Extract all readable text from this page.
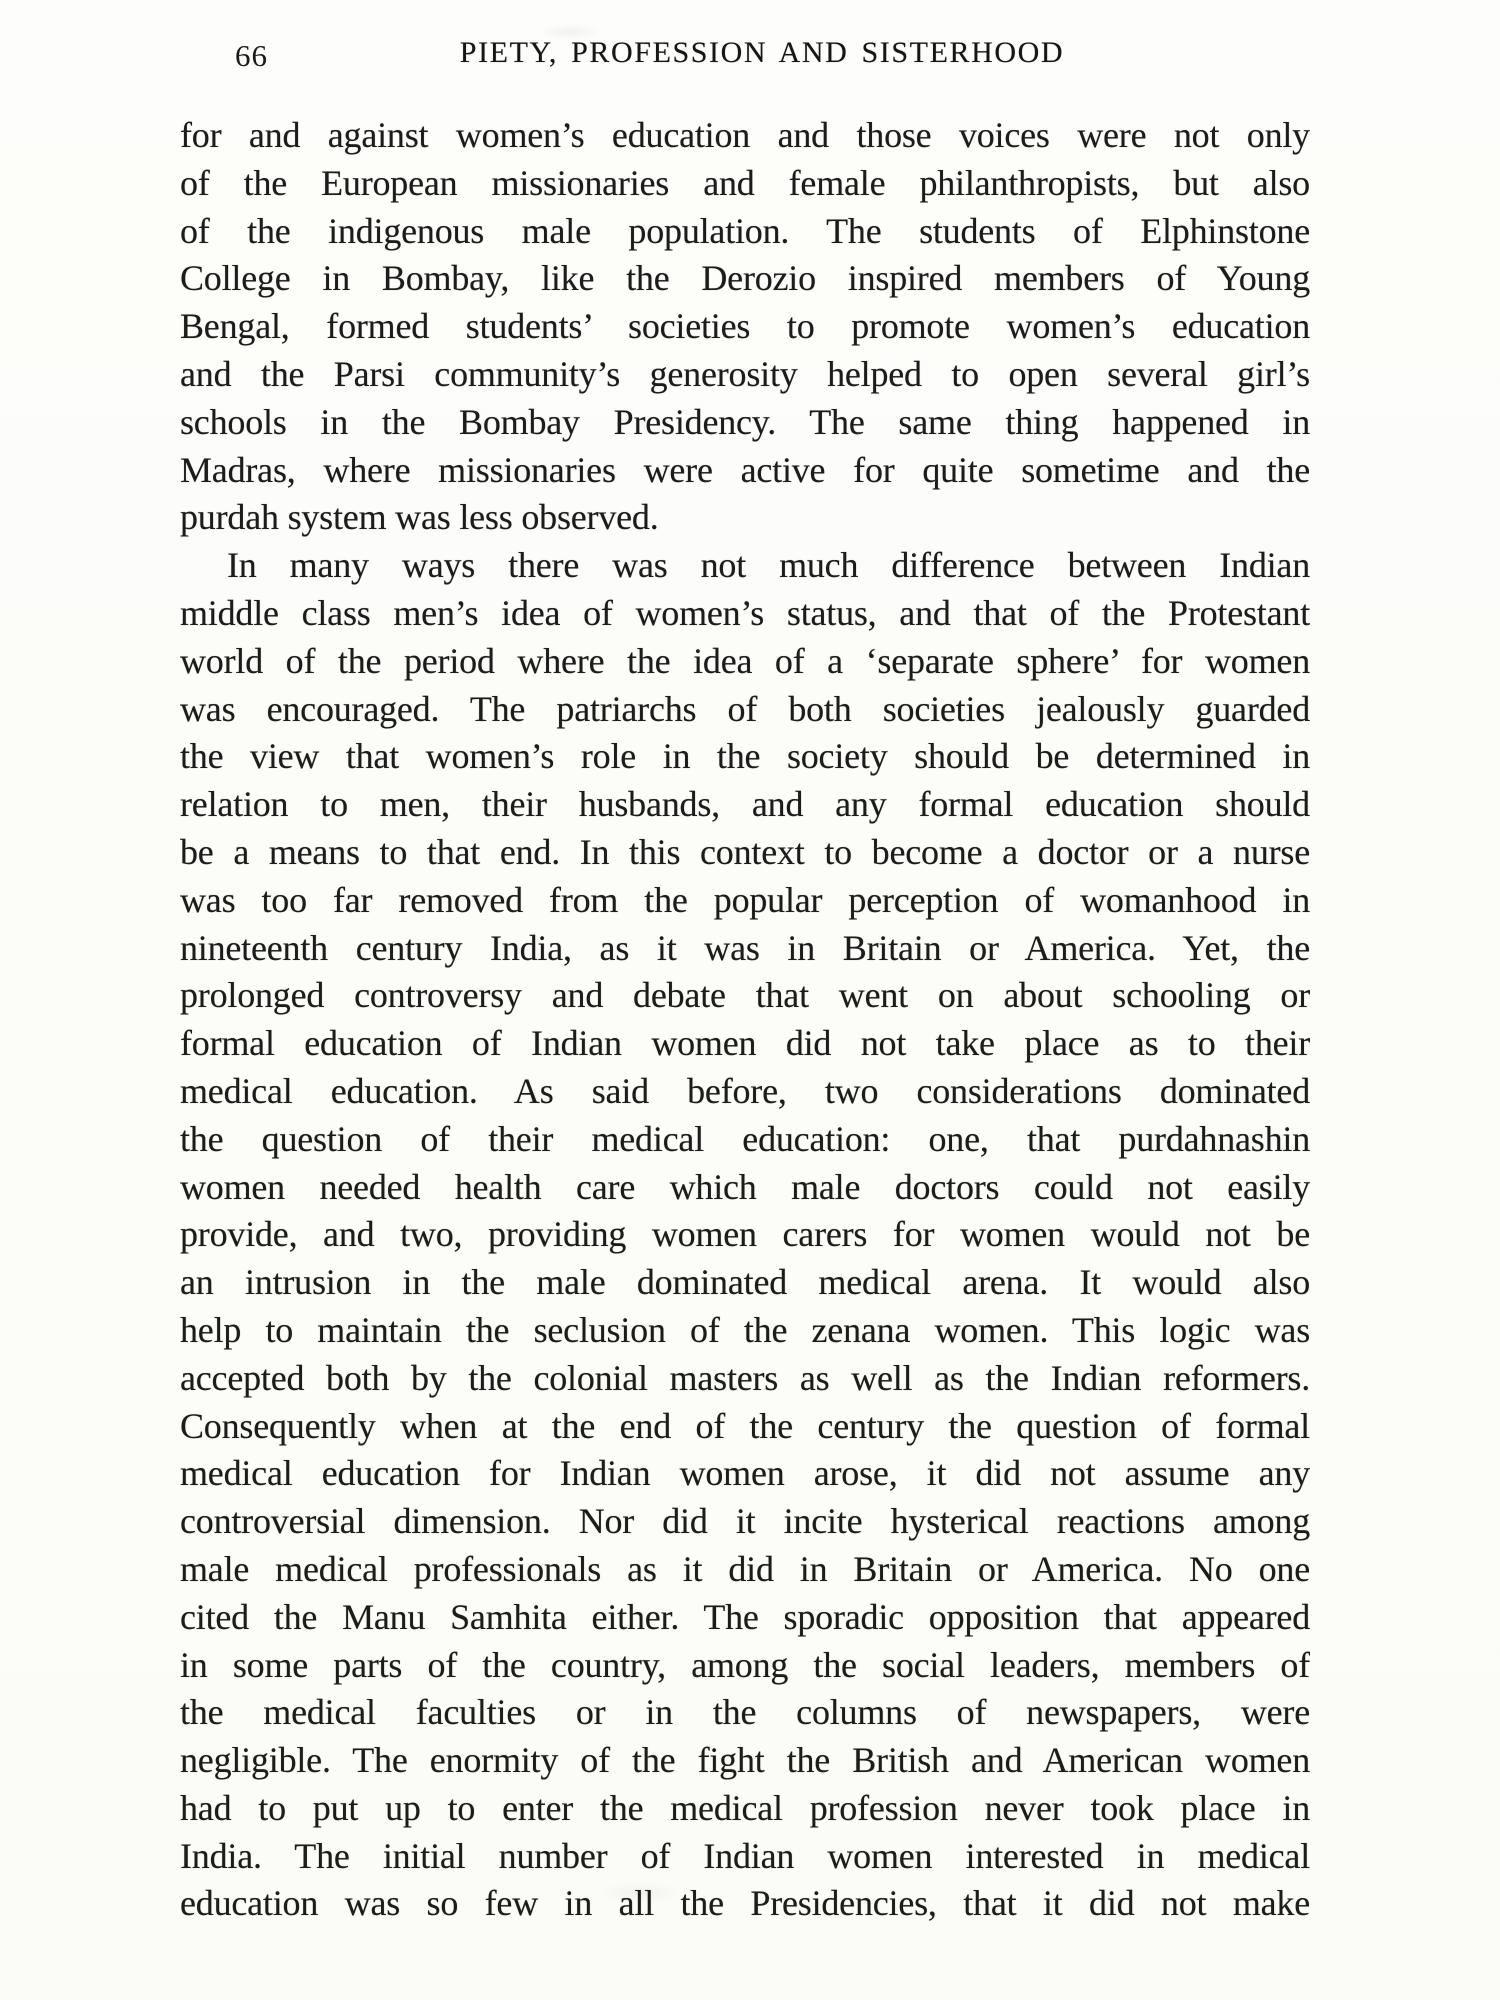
66	PIETY, PROFESSION AND SISTERHOOD
for and against women’s education and those voices were not only
of the European missionaries and female philanthropists, but also
of the indigenous male population. The students of Elphinstone
College in Bombay, like the Derozio inspired members of Young
Bengal, formed students’ societies to promote women’s education
and the Parsi community’s generosity helped to open several girl’s
schools in the Bombay Presidency. The same thing happened in
Madras, where missionaries were active for quite sometime and the
purdah system was less observed.
In many ways there was not much difference between Indian
middle class men’s idea of women’s status, and that of the Protestant
world of the period where the idea of a ‘separate sphere’ for women
was encouraged. The patriarchs of both societies jealously guarded
the view that women’s role in the society should be determined in
relation to men, their husbands, and any formal education should
be a means to that end. In this context to become a doctor or a nurse
was too far removed from the popular perception of womanhood in
nineteenth century India, as it was in Britain or America. Yet, the
prolonged controversy and debate that went on about schooling or
formal education of Indian women did not take place as to their
medical education. As said before, two considerations dominated
the question of their medical education: one, that purdahnashin
women needed health care which male doctors could not easily
provide, and two, providing women carers for women would not be
an intrusion in the male dominated medical arena. It would also
help to maintain the seclusion of the zenana women. This logic was
accepted both by the colonial masters as well as the Indian reformers.
Consequently when at the end of the century the question of formal
medical education for Indian women arose, it did not assume any
controversial dimension. Nor did it incite hysterical reactions among
male medical professionals as it did in Britain or America. No one
cited the Manu Samhita either. The sporadic opposition that appeared
in some parts of the country, among the social leaders, members of
the medical faculties or in the columns of newspapers, were
negligible. The enormity of the fight the British and American women
had to put up to enter the medical profession never took place in
India. The initial number of Indian women interested in medical
education was so few in all the Presidencies, that it did not make
